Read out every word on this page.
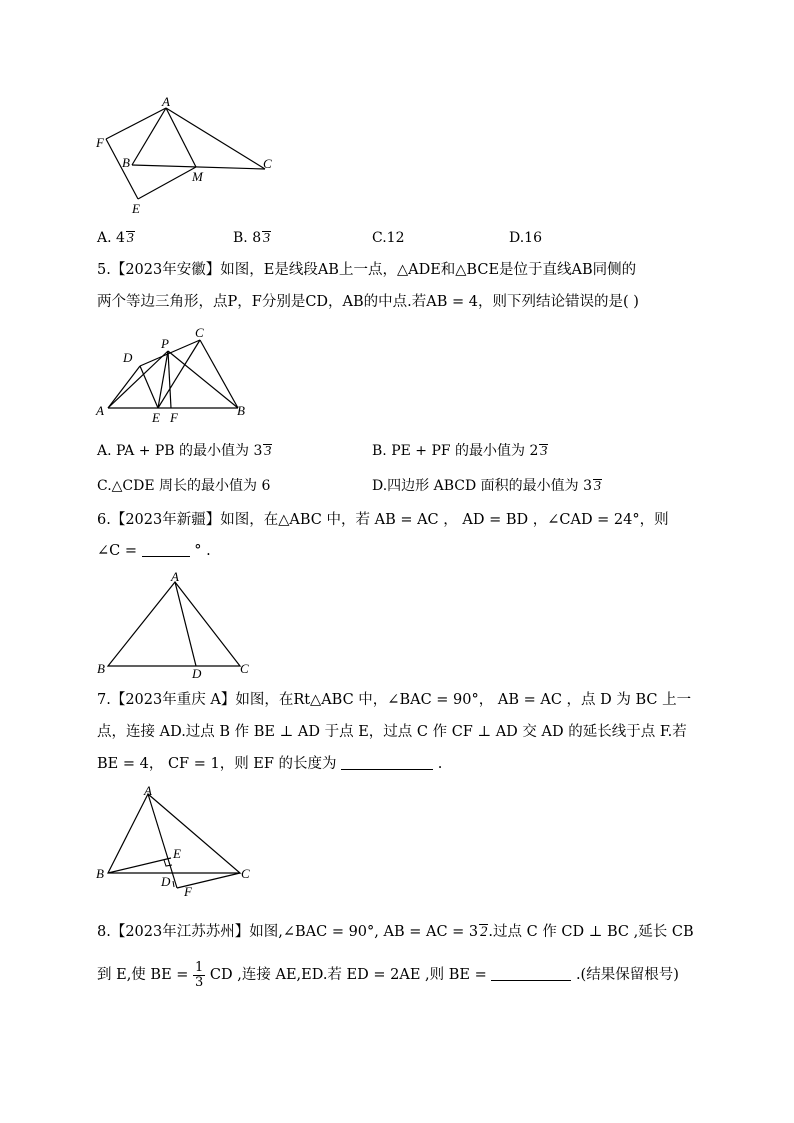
A
F
B
M
C
E
A. 4 3	B. 8 3	C.12	D.16
5.【2023年安徽】如图，E是线段AB上一点，△ADE和△BCE是位于直线AB同侧的
两个等边三角形，点P，F分别是CD，AB的中点.若AB = 4，则下列结论错误的是( )
P
C
D
A	E F	B
A. PA + PB 的最小值为 3 3	B. PE + PF 的最小值为 2 3
C.△CDE 周长的最小值为 6	D.四边形 ABCD 面积的最小值为 3 3
6.【2023年新疆】如图，在△ABC 中，若 AB = AC ， AD = BD ，∠CAD = 24°，则
∠C =	° .
A
B	D	C
7.【2023年重庆 A】如图，在Rt△ABC 中，∠BAC = 90°， AB = AC ，点 D 为 BC 上一
点，连接 AD.过点 B 作 BE ⊥ AD 于点 E，过点 C 作 CF ⊥ AD 交 AD 的延长线于点 F.若
BE = 4， CF = 1，则 EF 的长度为	.
A
E
B
D
F
C
8.【2023年江苏苏州】如图,∠BAC = 90°, AB = AC = 3 2.过点 C 作 CD ⊥ BC ,延长 CB
到 E,使 BE = $\frac{1}{3}$ CD ,连接 AE,ED.若 ED = 2AE ,则 BE =	.(结果保留根号)
